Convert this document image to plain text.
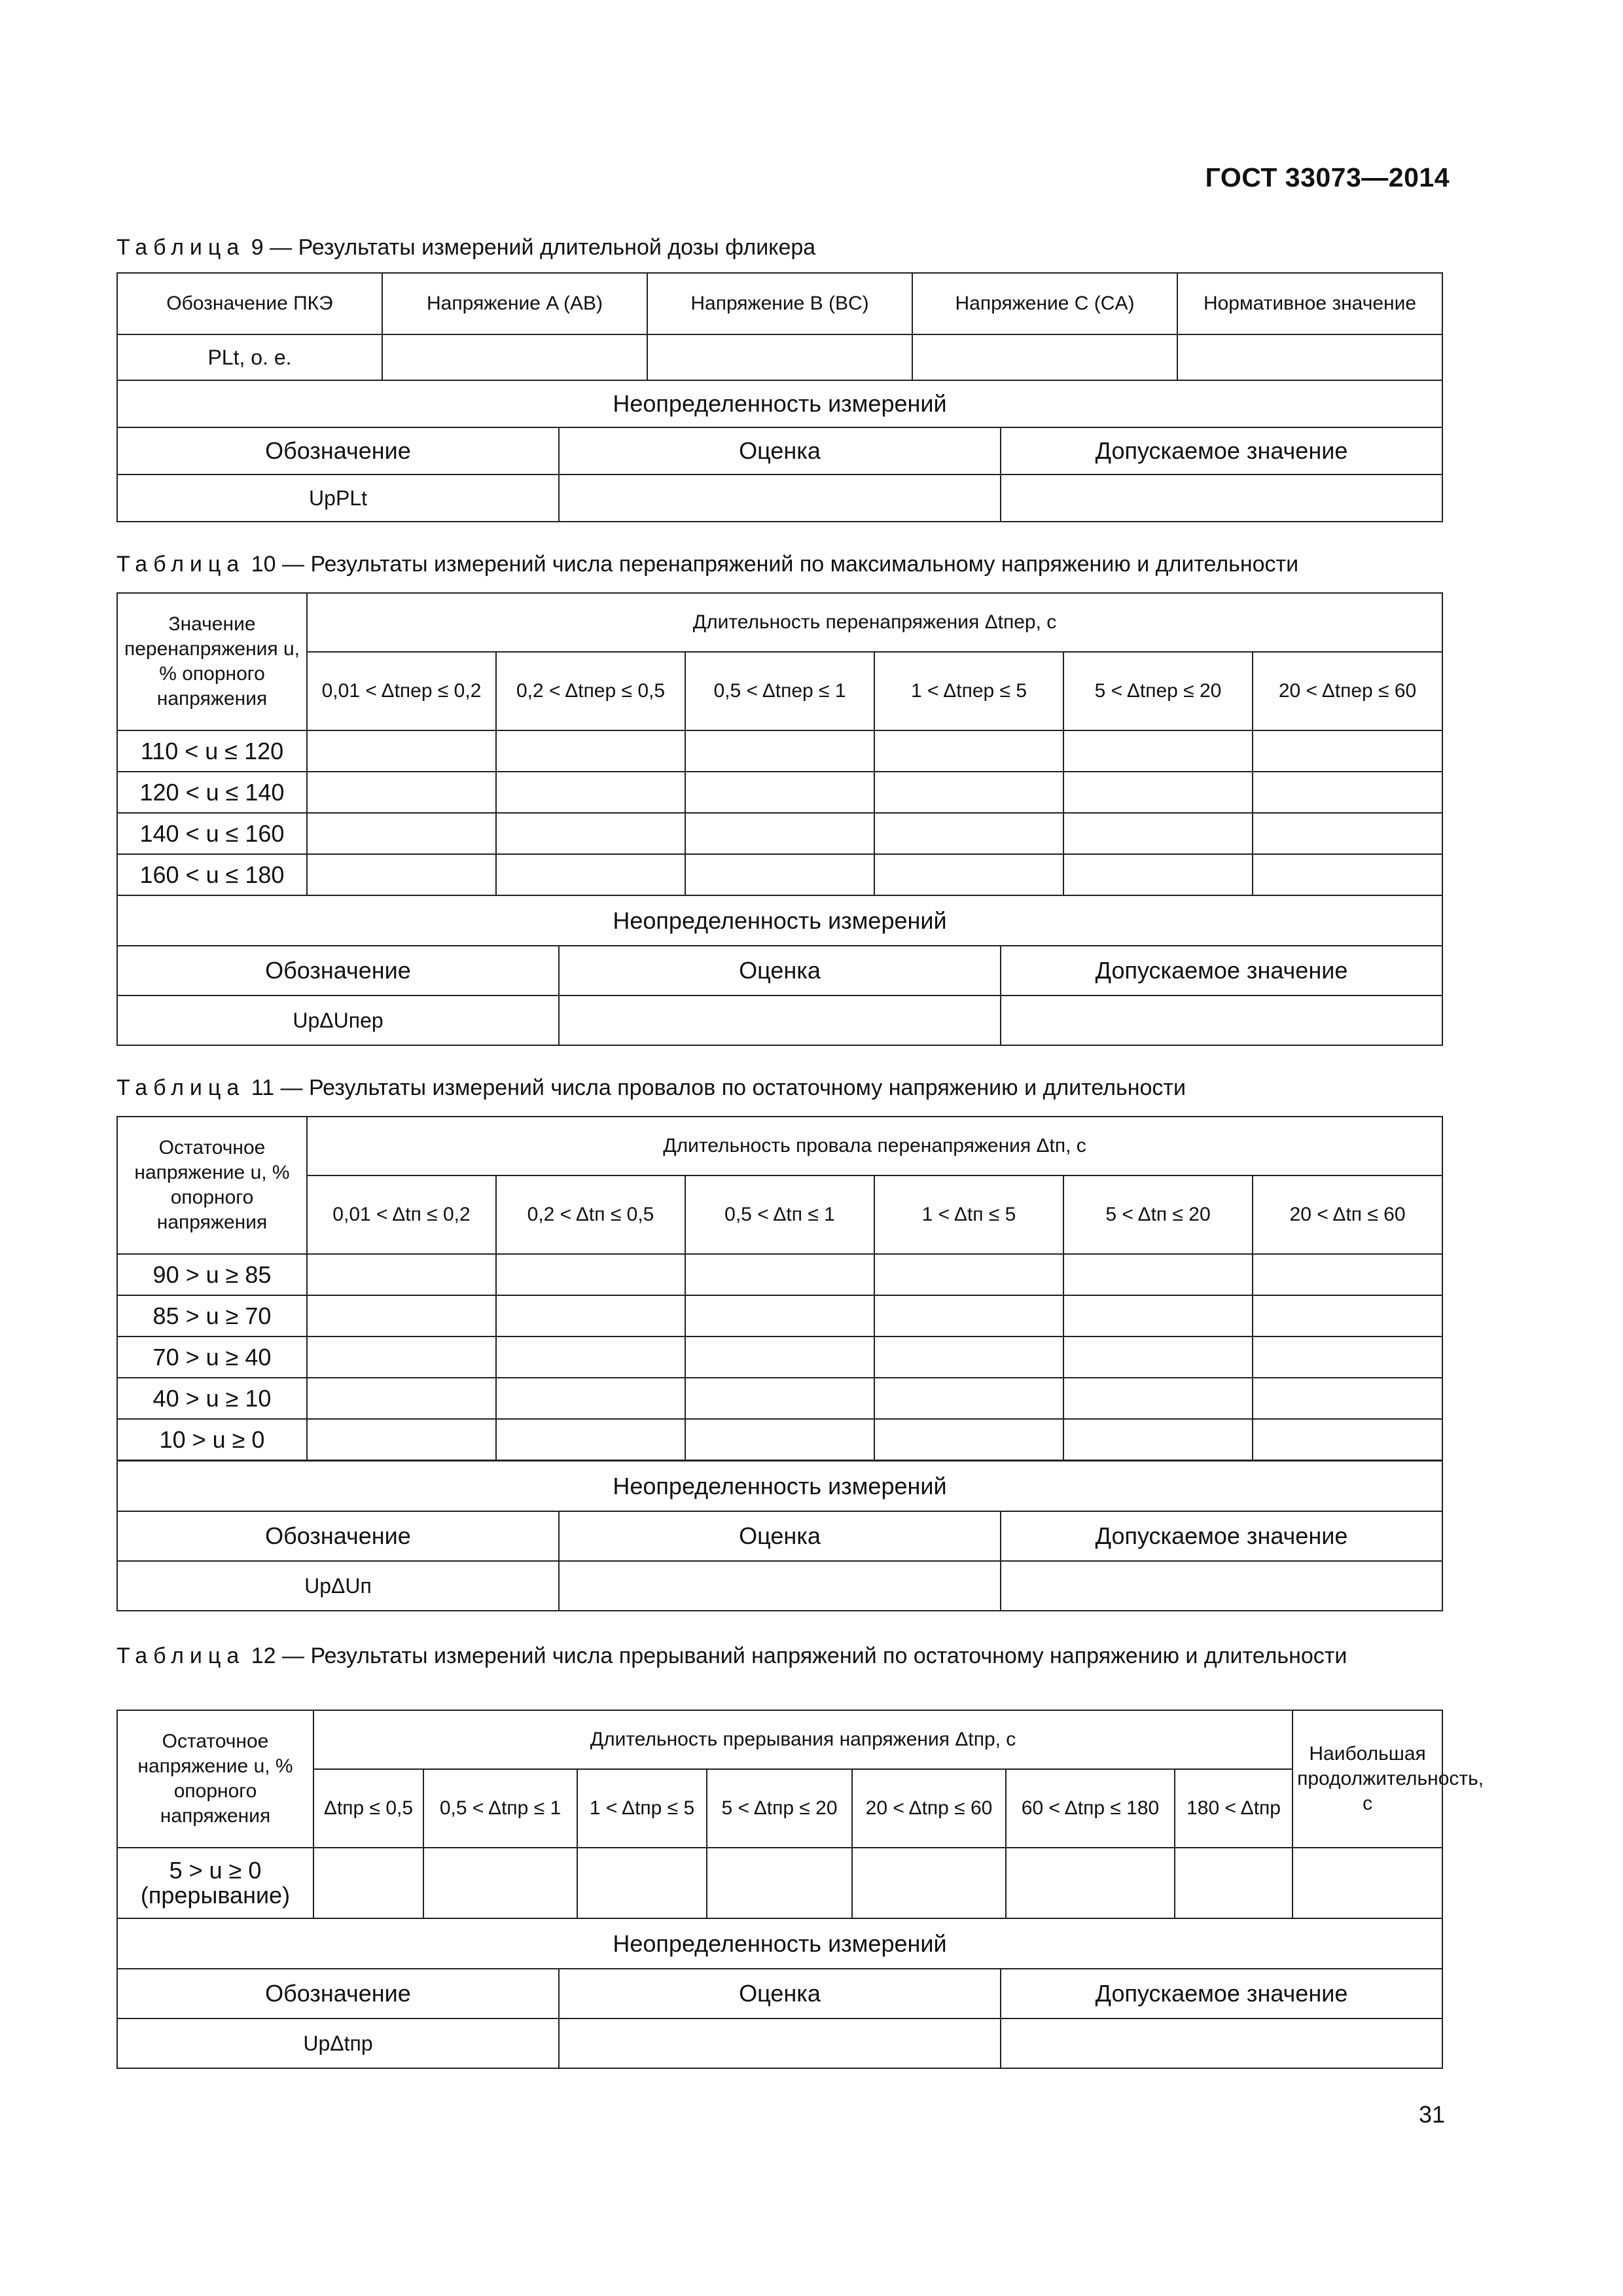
ГОСТ 33073—2014
Таблица 9 — Результаты измерений длительной дозы фликера
Обозначение ПКЭ	Напряжение A (AB)	Напряжение B (BC)	Напряжение C (CA)	Нормативное значение
PLt, о. е.				
Неопределенность измерений		
Обозначение	Оценка	Допускаемое значение
UpPLt		
Таблица 10 — Результаты измерений числа перенапряжений по максимальному напряжению и длительности
Значение перенапряжения u, % опорного напряжения	Длительность перенапряжения Δtпер, с					
	0,01 < Δtпер ≤ 0,2	0,2 < Δtпер ≤ 0,5	0,5 < Δtпер ≤ 1	1 < Δtпер ≤ 5	5 < Δtпер ≤ 20	20 < Δtпер ≤ 60
110 < u ≤ 120						
120 < u ≤ 140						
140 < u ≤ 160						
160 < u ≤ 180						
Неопределенность измерений		
Обозначение	Оценка	Допускаемое значение
UpΔUпер		
Таблица 11 — Результаты измерений числа провалов по остаточному напряжению и длительности
Остаточное напряжение u, % опорного напряжения	Длительность провала перенапряжения Δtп, с					
	0,01 < Δtп ≤ 0,2	0,2 < Δtп ≤ 0,5	0,5 < Δtп ≤ 1	1 < Δtп ≤ 5	5 < Δtп ≤ 20	20 < Δtп ≤ 60
90 > u ≥ 85						
85 > u ≥ 70						
70 > u ≥ 40						
40 > u ≥ 10						
10 > u ≥ 0						
Неопределенность измерений		
Обозначение	Оценка	Допускаемое значение
UpΔUп		
Таблица 12 — Результаты измерений числа прерываний напряжений по остаточному напряжению и длительности
Остаточное напряжение u, % опорного напряжения	Длительность прерывания напряжения Δtпр, с							Наибольшая продолжительность, с
	Δtпр ≤ 0,5	0,5 < Δtпр ≤ 1	1 < Δtпр ≤ 5	5 < Δtпр ≤ 20	20 < Δtпр ≤ 60	60 < Δtпр ≤ 180	180 < Δtпр	
5 > u ≥ 0 (прерывание)								
Неопределенность измерений		
Обозначение	Оценка	Допускаемое значение
UpΔtпр		
31
